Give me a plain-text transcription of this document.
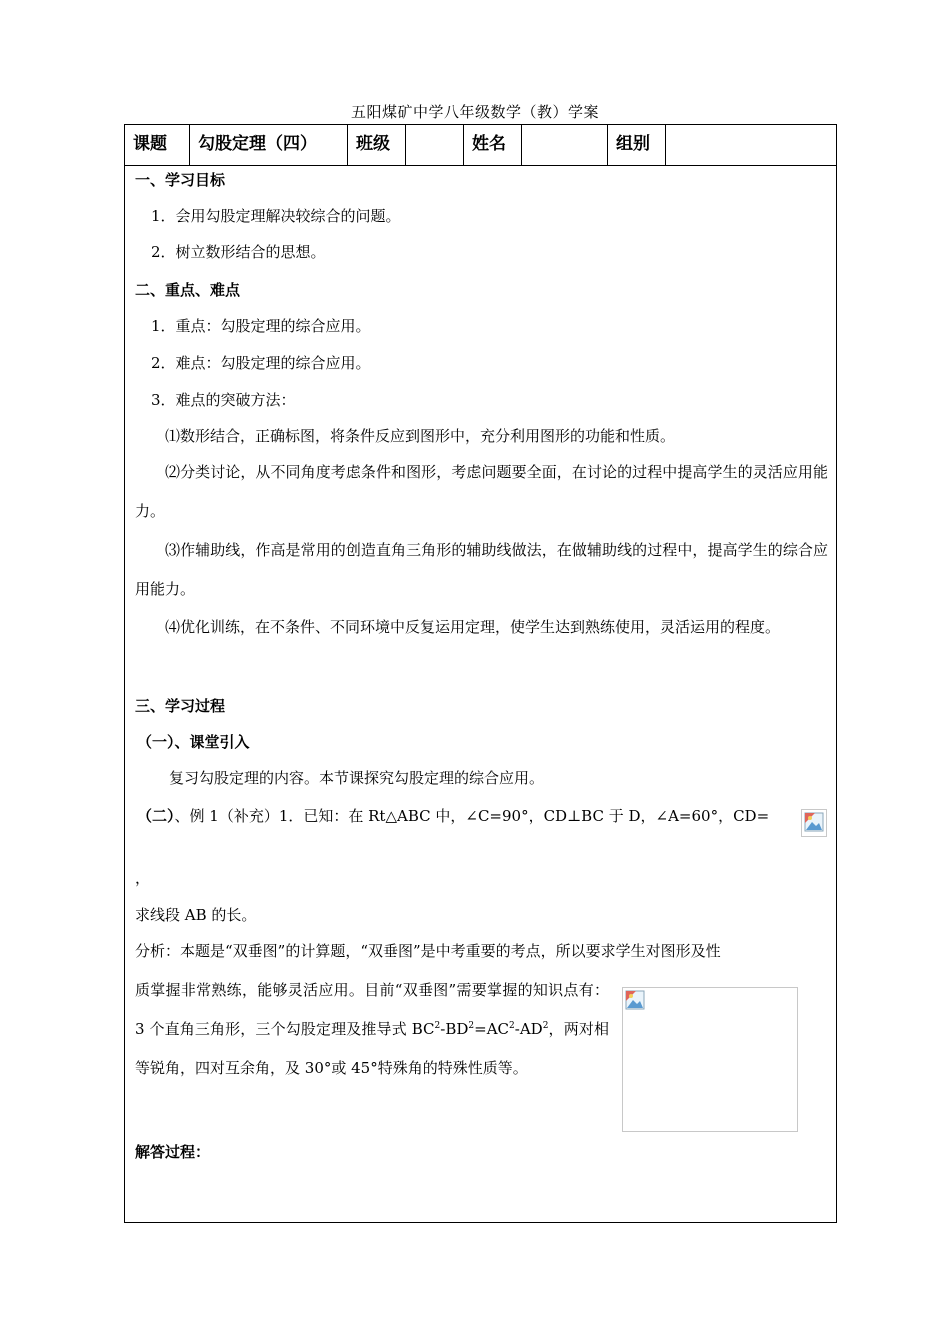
五阳煤矿中学八年级数学（教）学案
课题	勾股定理（四）	班级	姓名	组别
一、学习目标
1．会用勾股定理解决较综合的问题。
2．树立数形结合的思想。
二、重点、难点
1．重点：勾股定理的综合应用。
2．难点：勾股定理的综合应用。
3．难点的突破方法：
⑴数形结合，正确标图，将条件反应到图形中，充分利用图形的功能和性质。
⑵分类讨论，从不同角度考虑条件和图形，考虑问题要全面，在讨论的过程中提高学生的灵活应用能力。
⑶作辅助线，作高是常用的创造直角三角形的辅助线做法，在做辅助线的过程中，提高学生的综合应用能力。
⑷优化训练，在不条件、不同环境中反复运用定理，使学生达到熟练使用，灵活运用的程度。
三、学习过程
（一）、课堂引入
复习勾股定理的内容。本节课探究勾股定理的综合应用。
（二）、例 1（补充）1．已知：在 Rt△ABC 中，∠C=90°，CD⊥BC 于 D，∠A=60°，CD=
，
求线段 AB 的长。
分析：本题是“双垂图”的计算题，“双垂图”是中考重要的考点，所以要求学生对图形及性
质掌握非常熟练，能够灵活应用。目前“双垂图”需要掌握的知识点有：3 个直角三角形，三个勾股定理及推导式 $BC^2-BD^2=AC^2-AD^2$，两对相等锐角，四对互余角，及 30°或 45°特殊角的特殊性质等。
解答过程：
